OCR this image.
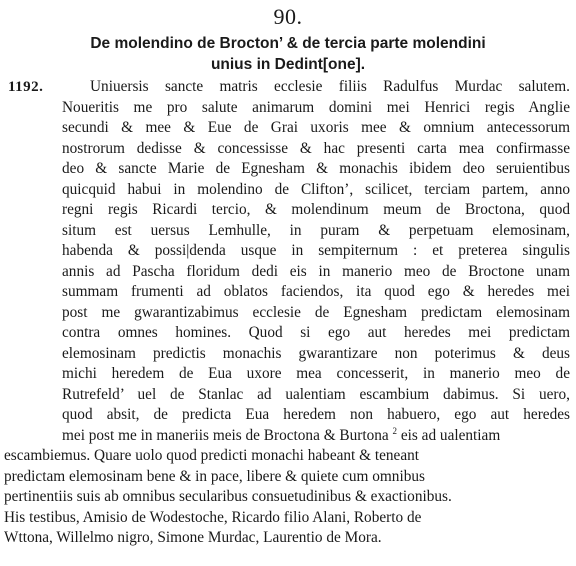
90.
De molendino de Brocton’ & de tercia parte molendini
unius in Dedint[one].
1192.	Uniuersis sancte matris ecclesie filiis Radulfus Murdac salutem.
Noueritis me pro salute animarum domini mei Henrici regis Anglie
secundi & mee & Eue de Grai uxoris mee & omnium antecessorum
nostrorum dedisse & concessisse & hac presenti carta mea confirmasse
deo & sancte Marie de Egnesham & monachis ibidem deo seruientibus
quicquid habui in molendino de Clifton’, scilicet, terciam partem, anno
regni regis Ricardi tercio, & molendinum meum de Broctona, quod
situm est uersus Lemhulle, in puram & perpetuam elemosinam,
habenda & possi|denda usque in sempiternum : et preterea singulis
annis ad Pascha floridum dedi eis in manerio meo de Broctone unam
summam frumenti ad oblatos faciendos, ita quod ego & heredes mei
post me gwarantizabimus ecclesie de Egnesham predictam elemosinam
contra omnes homines. Quod si ego aut heredes mei predictam
elemosinam predictis monachis gwarantizare non poterimus & deus
michi heredem de Eua uxore mea concesserit, in manerio meo de
Rutrefeld’ uel de Stanlac ad ualentiam escambium dabimus. Si uero,
quod absit, de predicta Eua heredem non habuero, ego aut heredes
mei post me in maneriis meis de Broctona & Burtona $^2$ eis ad ualentiam
escambiemus. Quare uolo quod predicti monachi habeant & teneant
predictam elemosinam bene & in pace, libere & quiete cum omnibus
pertinentiis suis ab omnibus secularibus consuetudinibus & exactionibus.
His testibus, Amisio de Wodestoche, Ricardo filio Alani, Roberto de
Wttona, Willelmo nigro, Simone Murdac, Laurentio de Mora.
